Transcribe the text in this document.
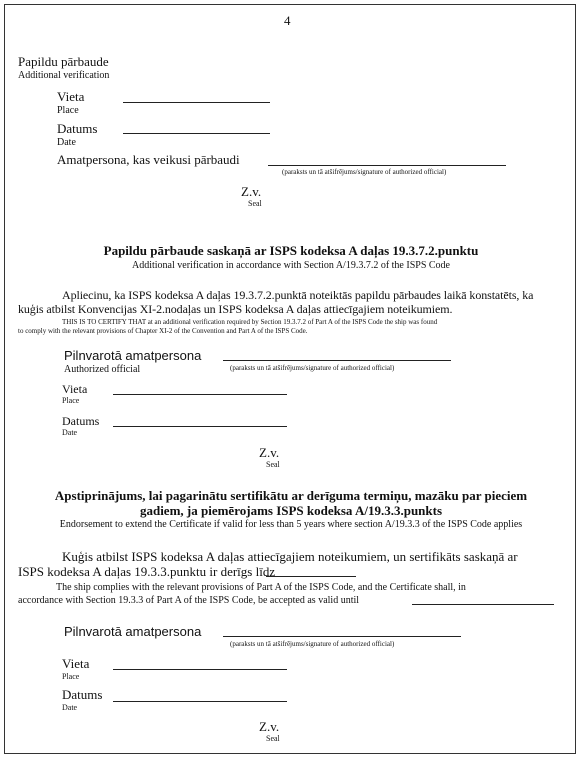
4
Papildu pārbaude
Additional verification
Vieta
Place
Datums
Date
Amatpersona, kas veikusi pārbaudi
(paraksts un tā atšifrējums/signature of authorized official)
Z.v.
Seal
Papildu pārbaude saskaņā ar ISPS kodeksa A daļas 19.3.7.2.punktu
Additional verification in accordance with Section A/19.3.7.2 of the ISPS Code
Apliecinu, ka ISPS kodeksa A daļas 19.3.7.2.punktā noteiktās papildu pārbaudes laikā konstatēts, ka
kuģis atbilst Konvencijas XI-2.nodaļas un ISPS kodeksa A daļas attiecīgajiem noteikumiem.
THIS IS TO CERTIFY THAT at an additional verification required by Section 19.3.7.2 of Part A of the ISPS Code the ship was found
to comply with the relevant provisions of Chapter XI-2 of the Convention and Part A of the ISPS Code.
Pilnvarotā amatpersona
Authorized official	(paraksts un tā atšifrējums/signature of authorized official)
Vieta
Place
Datums
Date
Z.v.
Seal
Apstiprinājums, lai pagarinātu sertifikātu ar derīguma termiņu, mazāku par pieciem
gadiem, ja piemērojams ISPS kodeksa A/19.3.3.punkts
Endorsement to extend the Certificate if valid for less than 5 years where section A/19.3.3 of the ISPS Code applies
Kuģis atbilst ISPS kodeksa A daļas attiecīgajiem noteikumiem, un sertifikāts saskaņā ar
ISPS kodeksa A daļas 19.3.3.punktu ir derīgs līdz
The ship complies with the relevant provisions of Part A of the ISPS Code, and the Certificate shall, in
accordance with Section 19.3.3 of Part A of the ISPS Code, be accepted as valid until
Pilnvarotā amatpersona
(paraksts un tā atšifrējums/signature of authorized official)
Vieta
Place
Datums
Date
Z.v.
Seal
